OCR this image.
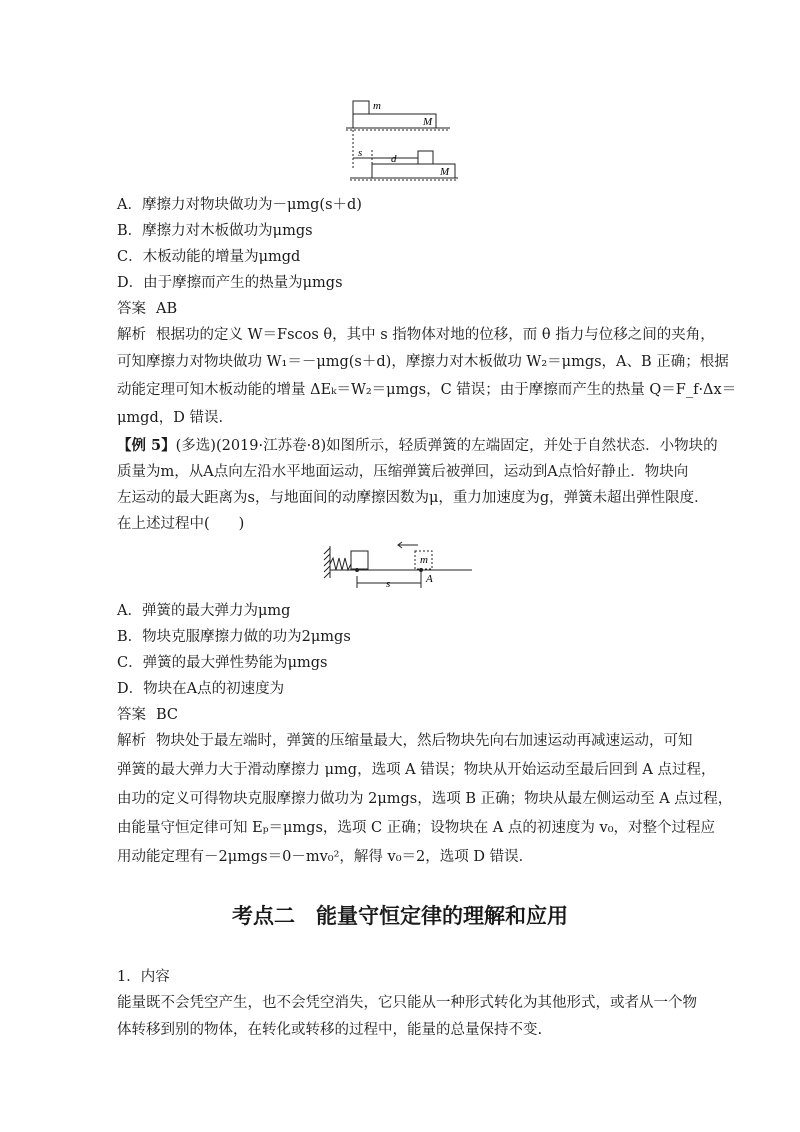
m
M
s	d
M
A．摩擦力对物块做功为－μmg(s＋d)
B．摩擦力对木板做功为μmgs
C．木板动能的增量为μmgd
D．由于摩擦而产生的热量为μmgs
答案 AB
解析 根据功的定义 W＝Fscos θ，其中 s 指物体对地的位移，而 θ 指力与位移之间的夹角，
可知摩擦力对物块做功 W₁＝－μmg(s＋d)，摩擦力对木板做功 W₂＝μmgs，A、B 正确；根据
动能定理可知木板动能的增量 ΔEₖ＝W₂＝μmgs，C 错误；由于摩擦而产生的热量 Q＝F_f·Δx＝
μmgd，D 错误．
【例 5】(多选)(2019·江苏卷·8)如图所示，轻质弹簧的左端固定，并处于自然状态．小物块的
质量为m，从A点向左沿水平地面运动，压缩弹簧后被弹回，运动到A点恰好静止．物块向
左运动的最大距离为s，与地面间的动摩擦因数为μ，重力加速度为g，弹簧未超出弹性限度．
在上述过程中(　　)
m
s	A
A．弹簧的最大弹力为μmg
B．物块克服摩擦力做的功为2μmgs
C．弹簧的最大弹性势能为μmgs
D．物块在A点的初速度为
答案 BC
解析 物块处于最左端时，弹簧的压缩量最大，然后物块先向右加速运动再减速运动，可知
弹簧的最大弹力大于滑动摩擦力 μmg，选项 A 错误；物块从开始运动至最后回到 A 点过程，
由功的定义可得物块克服摩擦力做功为 2μmgs，选项 B 正确；物块从最左侧运动至 A 点过程，
由能量守恒定律可知 Eₚ＝μmgs，选项 C 正确；设物块在 A 点的初速度为 v₀，对整个过程应
用动能定理有－2μmgs＝0－mv₀²，解得 v₀＝2，选项 D 错误．
考点二　能量守恒定律的理解和应用
1．内容
能量既不会凭空产生，也不会凭空消失，它只能从一种形式转化为其他形式，或者从一个物
体转移到别的物体，在转化或转移的过程中，能量的总量保持不变.
